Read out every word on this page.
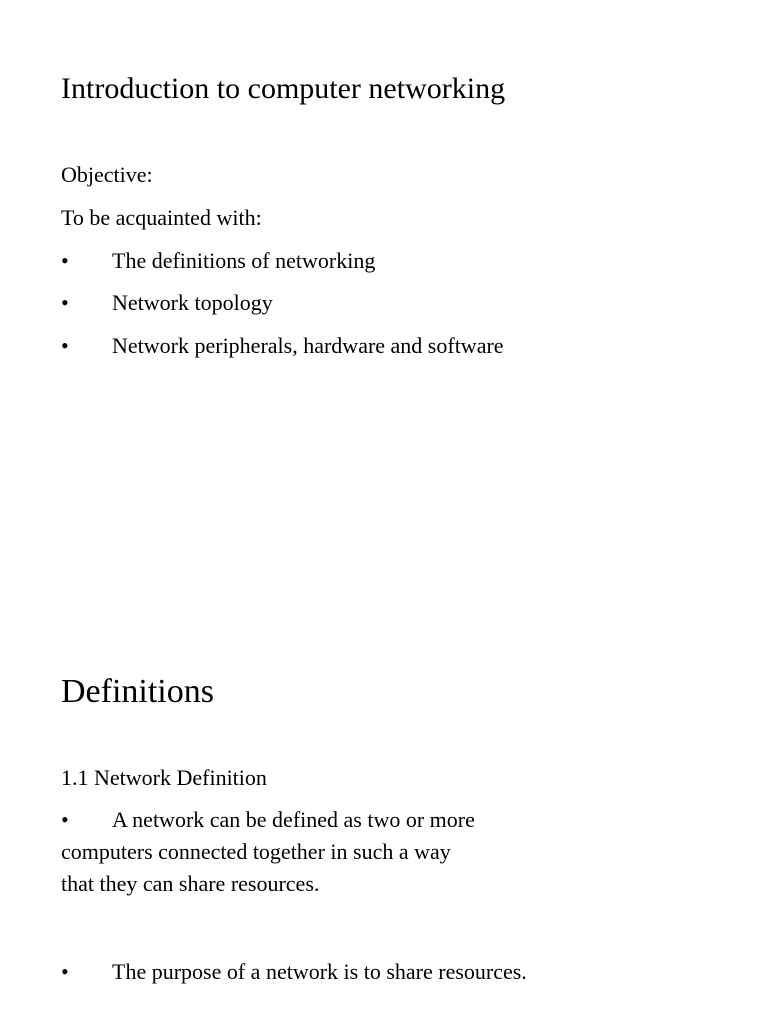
Introduction to computer networking
Objective:
To be acquainted with:
• The definitions of networking
• Network topology
• Network peripherals, hardware and software
Definitions
1.1 Network Definition
• A network can be defined as two or more
computers connected together in such a way
that they can share resources.
• The purpose of a network is to share resources.
